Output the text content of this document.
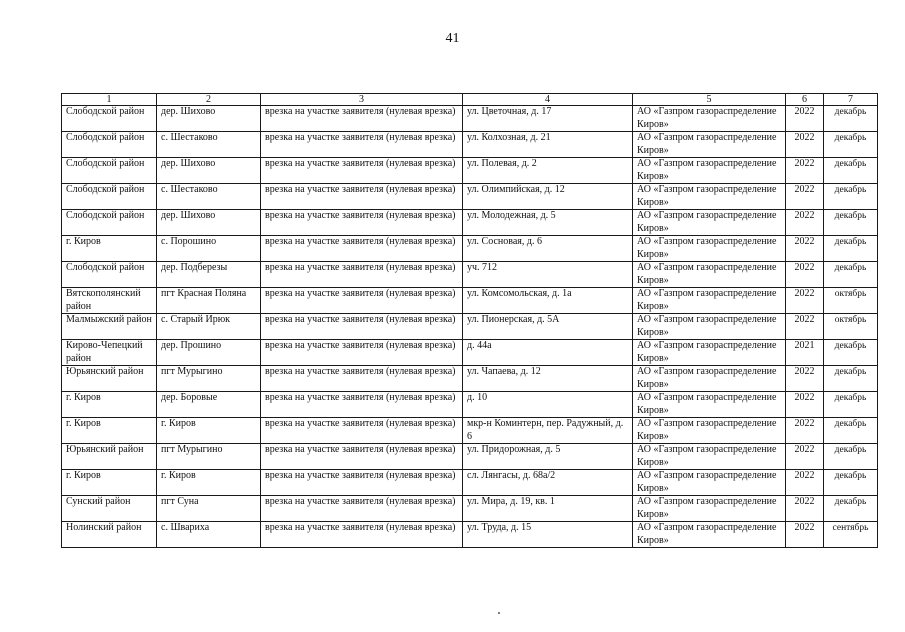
41
1	2	3	4	5	6	7
Слободской район	дер. Шихово	врезка на участке заявителя (нулевая врезка)	ул. Цветочная, д. 17	АО «Газпром газораспределение Киров»	2022	декабрь
Слободской район	с. Шестаково	врезка на участке заявителя (нулевая врезка)	ул. Колхозная, д. 21	АО «Газпром газораспределение Киров»	2022	декабрь
Слободской район	дер. Шихово	врезка на участке заявителя (нулевая врезка)	ул. Полевая, д. 2	АО «Газпром газораспределение Киров»	2022	декабрь
Слободской район	с. Шестаково	врезка на участке заявителя (нулевая врезка)	ул. Олимпийская, д. 12	АО «Газпром газораспределение Киров»	2022	декабрь
Слободской район	дер. Шихово	врезка на участке заявителя (нулевая врезка)	ул. Молодежная, д. 5	АО «Газпром газораспределение Киров»	2022	декабрь
г. Киров	с. Порошино	врезка на участке заявителя (нулевая врезка)	ул. Сосновая, д. 6	АО «Газпром газораспределение Киров»	2022	декабрь
Слободской район	дер. Подберезы	врезка на участке заявителя (нулевая врезка)	уч. 712	АО «Газпром газораспределение Киров»	2022	декабрь
Вятскополянский район	пгт Красная Поляна	врезка на участке заявителя (нулевая врезка)	ул. Комсомольская, д. 1а	АО «Газпром газораспределение Киров»	2022	октябрь
Малмыжский район	с. Старый Ирюк	врезка на участке заявителя (нулевая врезка)	ул. Пионерская, д. 5А	АО «Газпром газораспределение Киров»	2022	октябрь
Кирово-Чепецкий район	дер. Прошино	врезка на участке заявителя (нулевая врезка)	д. 44а	АО «Газпром газораспределение Киров»	2021	декабрь
Юрьянский район	пгт Мурыгино	врезка на участке заявителя (нулевая врезка)	ул. Чапаева, д. 12	АО «Газпром газораспределение Киров»	2022	декабрь
г. Киров	дер. Боровые	врезка на участке заявителя (нулевая врезка)	д. 10	АО «Газпром газораспределение Киров»	2022	декабрь
г. Киров	г. Киров	врезка на участке заявителя (нулевая врезка)	мкр-н Коминтерн, пер. Радужный, д. 6	АО «Газпром газораспределение Киров»	2022	декабрь
Юрьянский район	пгт Мурыгино	врезка на участке заявителя (нулевая врезка)	ул. Придорожная, д. 5	АО «Газпром газораспределение Киров»	2022	декабрь
г. Киров	г. Киров	врезка на участке заявителя (нулевая врезка)	сл. Лянгасы, д. 68а/2	АО «Газпром газораспределение Киров»	2022	декабрь
Сунский район	пгт Суна	врезка на участке заявителя (нулевая врезка)	ул. Мира, д. 19, кв. 1	АО «Газпром газораспределение Киров»	2022	декабрь
Нолинский район	с. Швариха	врезка на участке заявителя (нулевая врезка)	ул. Труда, д. 15	АО «Газпром газораспределение Киров»	2022	сентябрь
